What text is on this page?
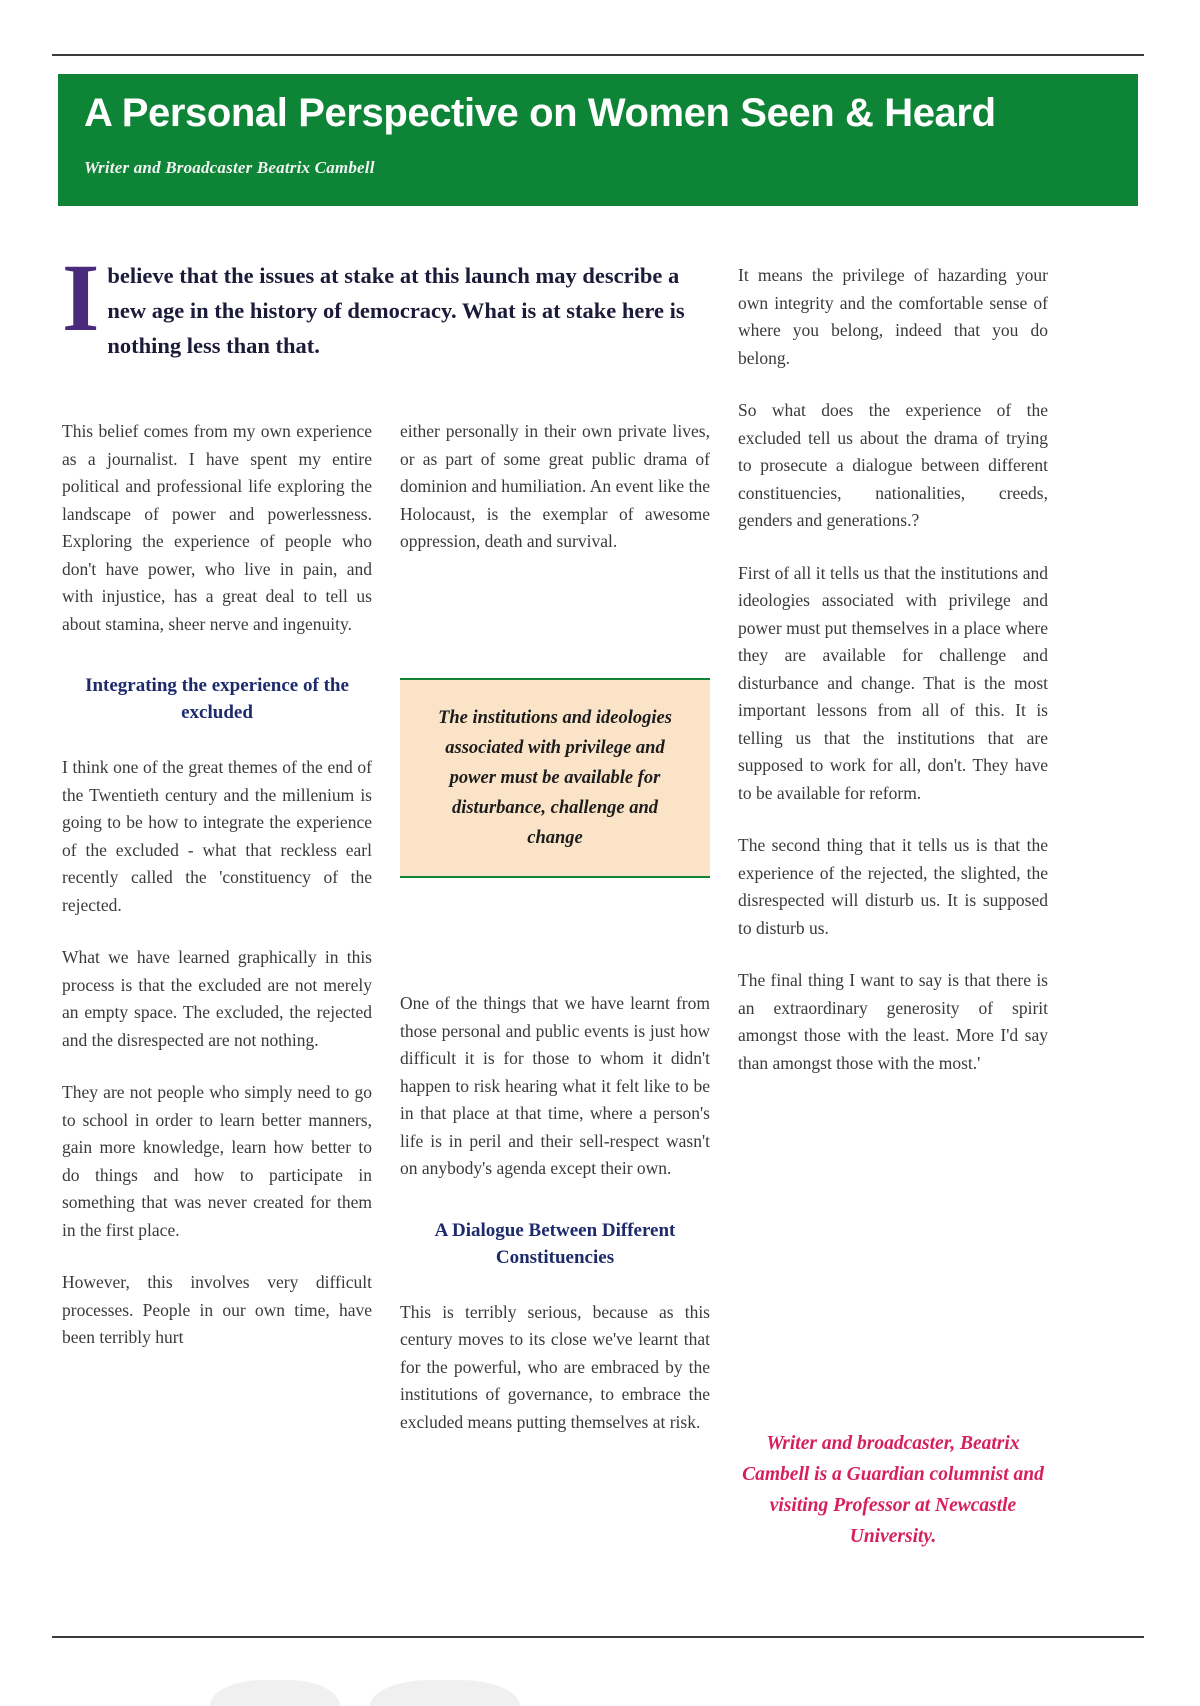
A Personal Perspective on Women Seen & Heard
Writer and Broadcaster Beatrix Cambell
I believe that the issues at stake at this launch may describe a new age in the history of democracy. What is at stake here is nothing less than that.

This belief comes from my own experience as a journalist. I have spent my entire political and professional life exploring the landscape of power and powerlessness. Exploring the experience of people who don't have power, who live in pain, and with injustice, has a great deal to tell us about stamina, sheer nerve and ingenuity.

Integrating the experience of the excluded

I think one of the great themes of the end of the Twentieth century and the millenium is going to be how to integrate the experience of the excluded - what that reckless earl recently called the 'constituency of the rejected.

What we have learned graphically in this process is that the excluded are not merely an empty space. The excluded, the rejected and the disrespected are not nothing.

They are not people who simply need to go to school in order to learn better manners, gain more knowledge, learn how better to do things and how to participate in something that was never created for them in the first place.

However, this involves very difficult processes. People in our own time, have been terribly hurt

either personally in their own private lives, or as part of some great public drama of dominion and humiliation. An event like the Holocaust, is the exemplar of awesome oppression, death and survival.

The institutions and ideologies associated with privilege and power must be available for disturbance, challenge and change

One of the things that we have learnt from those personal and public events is just how difficult it is for those to whom it didn't happen to risk hearing what it felt like to be in that place at that time, where a person's life is in peril and their sell-respect wasn't on anybody's agenda except their own.

A Dialogue Between Different Constituencies

This is terribly serious, because as this century moves to its close we've learnt that for the powerful, who are embraced by the institutions of governance, to embrace the excluded means putting themselves at risk.

It means the privilege of hazarding your own integrity and the comfortable sense of where you belong, indeed that you do belong.

So what does the experience of the excluded tell us about the drama of trying to prosecute a dialogue between different constituencies, nationalities, creeds, genders and generations.?

First of all it tells us that the institutions and ideologies associated with privilege and power must put themselves in a place where they are available for challenge and disturbance and change. That is the most important lessons from all of this. It is telling us that the institutions that are supposed to work for all, don't. They have to be available for reform.

The second thing that it tells us is that the experience of the rejected, the slighted, the disrespected will disturb us. It is supposed to disturb us.

The final thing I want to say is that there is an extraordinary generosity of spirit amongst those with the least. More I'd say than amongst those with the most.'

Writer and broadcaster, Beatrix Cambell is a Guardian columnist and visiting Professor at Newcastle University.
